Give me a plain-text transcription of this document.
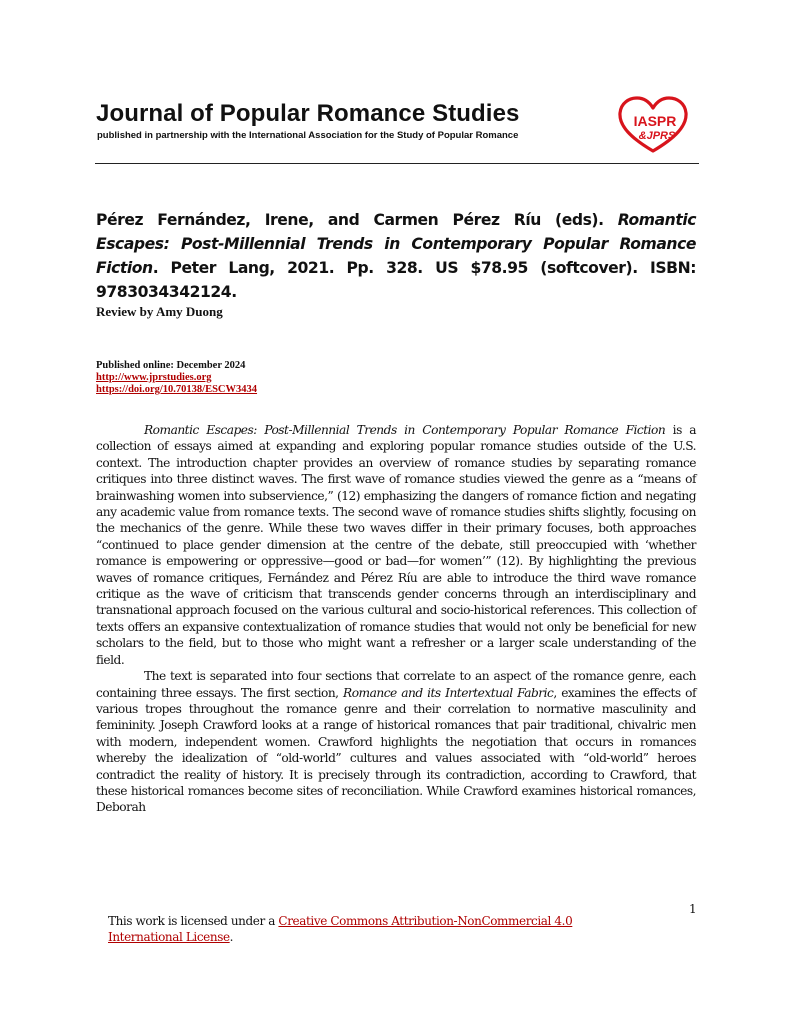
Journal of Popular Romance Studies
published in partnership with the International Association for the Study of Popular Romance
IASPR
&JPRS
Pérez Fernández, Irene, and Carmen Pérez Ríu (eds). Romantic Escapes: Post-Millennial Trends in Contemporary Popular Romance Fiction. Peter Lang, 2021. Pp. 328. US $78.95 (softcover). ISBN: 9783034342124.
Review by Amy Duong
Published online: December 2024
http://www.jprstudies.org
https://doi.org/10.70138/ESCW3434

Romantic Escapes: Post-Millennial Trends in Contemporary Popular Romance Fiction is a collection of essays aimed at expanding and exploring popular romance studies outside of the U.S. context. The introduction chapter provides an overview of romance studies by separating romance critiques into three distinct waves. The first wave of romance studies viewed the genre as a “means of brainwashing women into subservience,” (12) emphasizing the dangers of romance fiction and negating any academic value from romance texts. The second wave of romance studies shifts slightly, focusing on the mechanics of the genre. While these two waves differ in their primary focuses, both approaches “continued to place gender dimension at the centre of the debate, still preoccupied with ‘whether romance is empowering or oppressive—good or bad—for women’” (12). By highlighting the previous waves of romance critiques, Fernández and Pérez Ríu are able to introduce the third wave romance critique as the wave of criticism that transcends gender concerns through an interdisciplinary and transnational approach focused on the various cultural and socio-historical references. This collection of texts offers an expansive contextualization of romance studies that would not only be beneficial for new scholars to the field, but to those who might want a refresher or a larger scale understanding of the field.

The text is separated into four sections that correlate to an aspect of the romance genre, each containing three essays. The first section, Romance and its Intertextual Fabric, examines the effects of various tropes throughout the romance genre and their correlation to normative masculinity and femininity. Joseph Crawford looks at a range of historical romances that pair traditional, chivalric men with modern, independent women. Crawford highlights the negotiation that occurs in romances whereby the idealization of “old-world” cultures and values associated with “old-world” heroes contradict the reality of history. It is precisely through its contradiction, according to Crawford, that these historical romances become sites of reconciliation. While Crawford examines historical romances, Deborah

1
This work is licensed under a Creative Commons Attribution-NonCommercial 4.0 International License.
